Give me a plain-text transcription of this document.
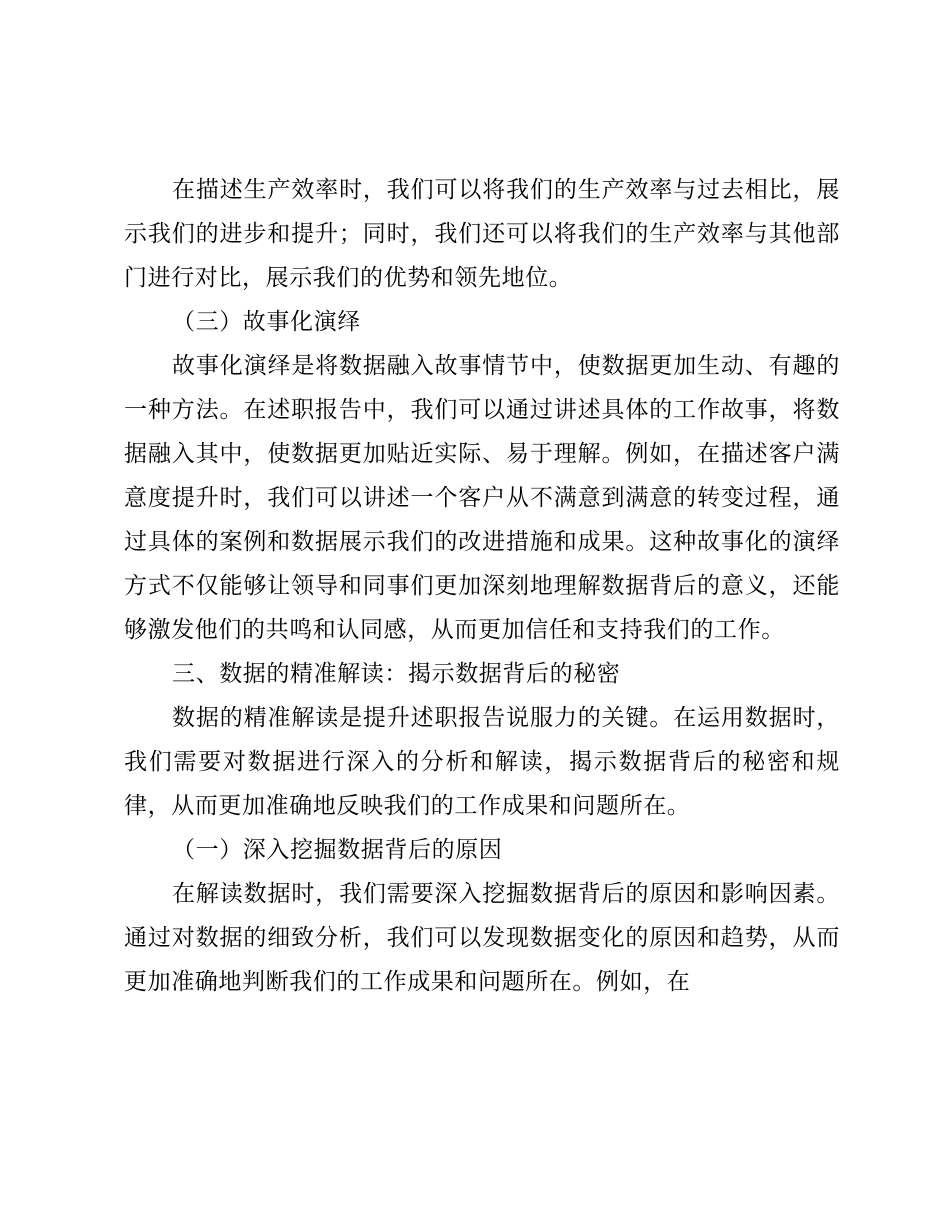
在描述生产效率时，我们可以将我们的生产效率与过去相比，展示我们的进步和提升；同时，我们还可以将我们的生产效率与其他部门进行对比，展示我们的优势和领先地位。

（三）故事化演绎

故事化演绎是将数据融入故事情节中，使数据更加生动、有趣的一种方法。在述职报告中，我们可以通过讲述具体的工作故事，将数据融入其中，使数据更加贴近实际、易于理解。例如，在描述客户满意度提升时，我们可以讲述一个客户从不满意到满意的转变过程，通过具体的案例和数据展示我们的改进措施和成果。这种故事化的演绎方式不仅能够让领导和同事们更加深刻地理解数据背后的意义，还能够激发他们的共鸣和认同感，从而更加信任和支持我们的工作。

三、数据的精准解读：揭示数据背后的秘密

数据的精准解读是提升述职报告说服力的关键。在运用数据时，我们需要对数据进行深入的分析和解读，揭示数据背后的秘密和规律，从而更加准确地反映我们的工作成果和问题所在。

（一）深入挖掘数据背后的原因

在解读数据时，我们需要深入挖掘数据背后的原因和影响因素。通过对数据的细致分析，我们可以发现数据变化的原因和趋势，从而更加准确地判断我们的工作成果和问题所在。例如，在
